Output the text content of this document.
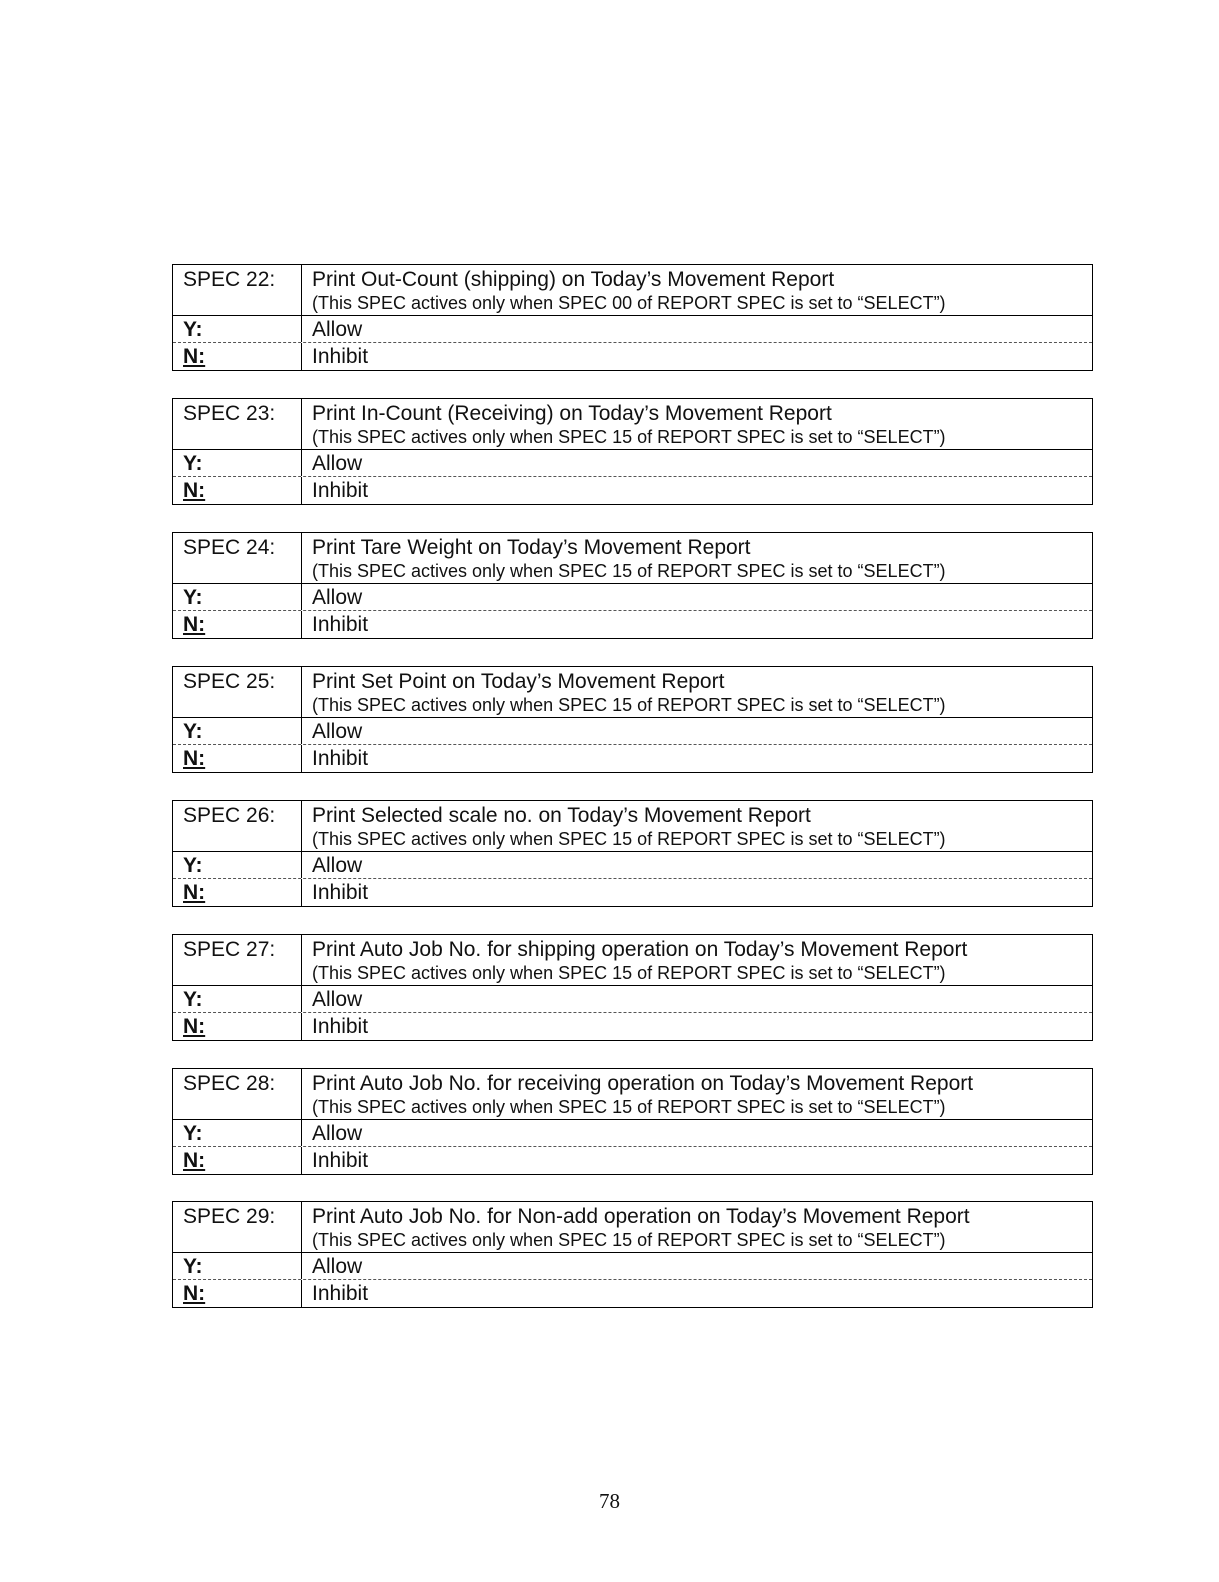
SPEC 22:	Print Out-Count (shipping) on Today’s Movement Report
(This SPEC actives only when SPEC 00 of REPORT SPEC is set to “SELECT”)
Y:	Allow
N:	Inhibit
SPEC 23:	Print In-Count (Receiving) on Today’s Movement Report
(This SPEC actives only when SPEC 15 of REPORT SPEC is set to “SELECT”)
Y:	Allow
N:	Inhibit
SPEC 24:	Print Tare Weight on Today’s Movement Report
(This SPEC actives only when SPEC 15 of REPORT SPEC is set to “SELECT”)
Y:	Allow
N:	Inhibit
SPEC 25:	Print Set Point on Today’s Movement Report
(This SPEC actives only when SPEC 15 of REPORT SPEC is set to “SELECT”)
Y:	Allow
N:	Inhibit
SPEC 26:	Print Selected scale no. on Today’s Movement Report
(This SPEC actives only when SPEC 15 of REPORT SPEC is set to “SELECT”)
Y:	Allow
N:	Inhibit
SPEC 27:	Print Auto Job No. for shipping operation on Today’s Movement Report
(This SPEC actives only when SPEC 15 of REPORT SPEC is set to “SELECT”)
Y:	Allow
N:	Inhibit
SPEC 28:	Print Auto Job No. for receiving operation on Today’s Movement Report
(This SPEC actives only when SPEC 15 of REPORT SPEC is set to “SELECT”)
Y:	Allow
N:	Inhibit
SPEC 29:	Print Auto Job No. for Non-add operation on Today’s Movement Report
(This SPEC actives only when SPEC 15 of REPORT SPEC is set to “SELECT”)
Y:	Allow
N:	Inhibit
78
